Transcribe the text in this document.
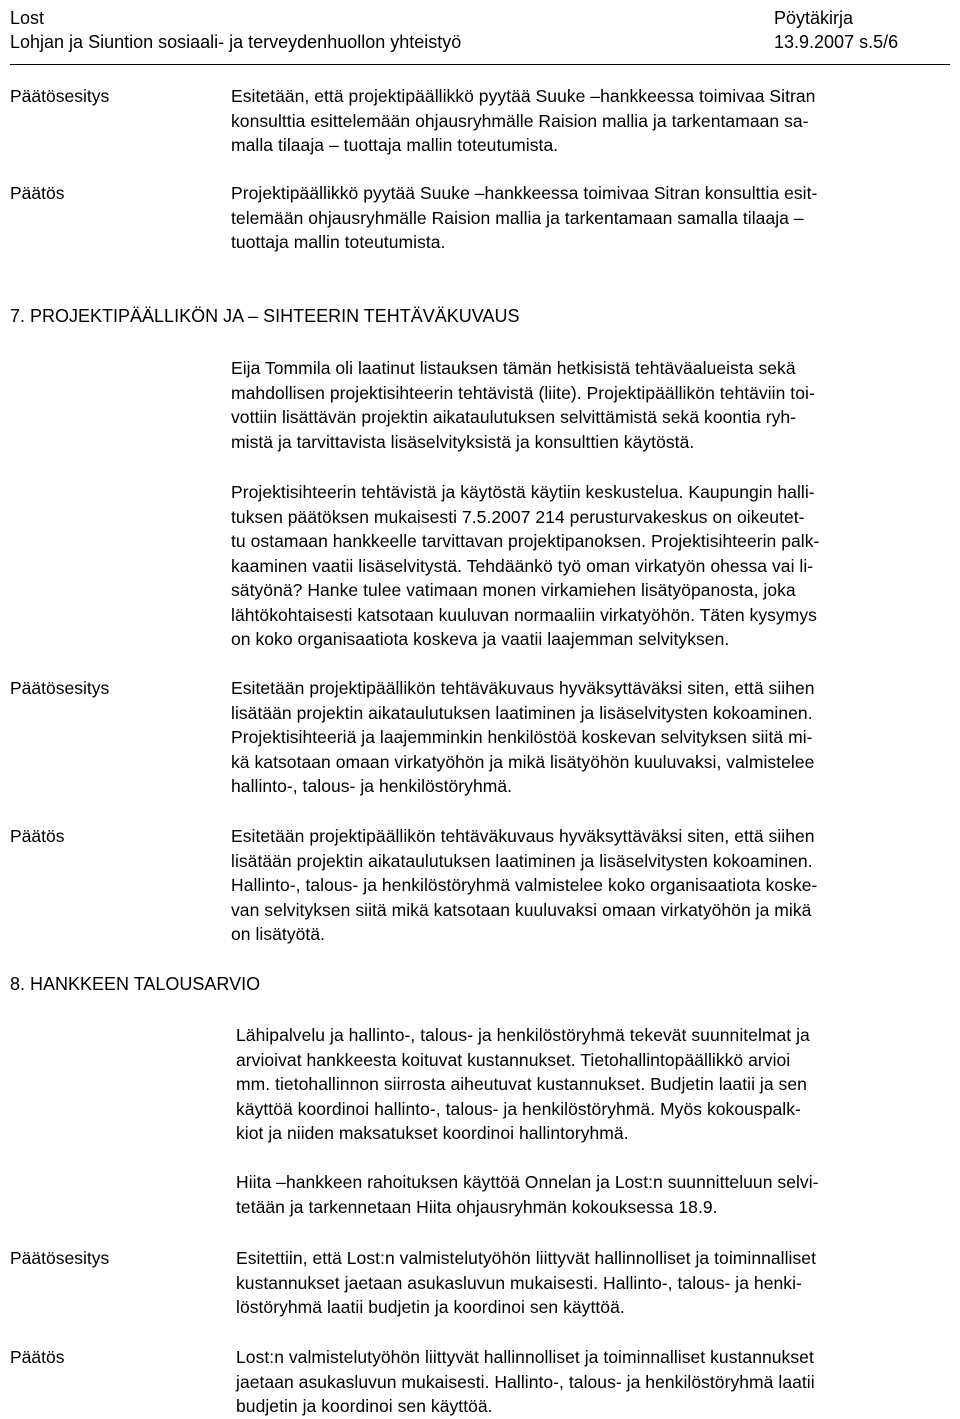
Lost
Lohjan ja Siuntion sosiaali- ja terveydenhuollon yhteistyö
Pöytäkirja
13.9.2007 s.5/6
Päätösesitys	Esitetään, että projektipäällikkö pyytää Suuke –hankkeessa toimivaa Sitran
konsulttia esittelemään ohjausryhmälle Raision mallia ja tarkentamaan sa-
malla tilaaja – tuottaja mallin toteutumista.
Päätös	Projektipäällikkö pyytää Suuke –hankkeessa toimivaa Sitran konsulttia esit-
telemään ohjausryhmälle Raision mallia ja tarkentamaan samalla tilaaja –
tuottaja mallin toteutumista.
7. PROJEKTIPÄÄLLIKÖN JA – SIHTEERIN TEHTÄVÄKUVAUS
Eija Tommila oli laatinut listauksen tämän hetkisistä tehtäväalueista sekä
mahdollisen projektisihteerin tehtävistä (liite). Projektipäällikön tehtäviin toi-
vottiin lisättävän projektin aikataulutuksen selvittämistä sekä koontia ryh-
mistä ja tarvittavista lisäselvityksistä ja konsulttien käytöstä.
Projektisihteerin tehtävistä ja käytöstä käytiin keskustelua. Kaupungin halli-
tuksen päätöksen mukaisesti 7.5.2007 214 perusturvakeskus on oikeutet-
tu ostamaan hankkeelle tarvittavan projektipanoksen. Projektisihteerin palk-
kaaminen vaatii lisäselvitystä. Tehdäänkö työ oman virkatyön ohessa vai li-
sätyönä? Hanke tulee vatimaan monen virkamiehen lisätyöpanosta, joka
lähtökohtaisesti katsotaan kuuluvan normaaliin virkatyöhön. Täten kysymys
on koko organisaatiota koskeva ja vaatii laajemman selvityksen.
Päätösesitys	Esitetään projektipäällikön tehtäväkuvaus hyväksyttäväksi siten, että siihen
lisätään projektin aikataulutuksen laatiminen ja lisäselvitysten kokoaminen.
Projektisihteeriä ja laajemminkin henkilöstöä koskevan selvityksen siitä mi-
kä katsotaan omaan virkatyöhön ja mikä lisätyöhön kuuluvaksi, valmistelee
hallinto-, talous- ja henkilöstöryhmä.
Päätös	Esitetään projektipäällikön tehtäväkuvaus hyväksyttäväksi siten, että siihen
lisätään projektin aikataulutuksen laatiminen ja lisäselvitysten kokoaminen.
Hallinto-, talous- ja henkilöstöryhmä valmistelee koko organisaatiota koske-
van selvityksen siitä mikä katsotaan kuuluvaksi omaan virkatyöhön ja mikä
on lisätyötä.
8. HANKKEEN TALOUSARVIO
Lähipalvelu ja hallinto-, talous- ja henkilöstöryhmä tekevät suunnitelmat ja
arvioivat hankkeesta koituvat kustannukset. Tietohallintopäällikkö arvioi
mm. tietohallinnon siirrosta aiheutuvat kustannukset. Budjetin laatii ja sen
käyttöä koordinoi hallinto-, talous- ja henkilöstöryhmä. Myös kokouspalk-
kiot ja niiden maksatukset koordinoi hallintoryhmä.
Hiita –hankkeen rahoituksen käyttöä Onnelan ja Lost:n suunnitteluun selvi-
tetään ja tarkennetaan Hiita ohjausryhmän kokouksessa 18.9.
Päätösesitys	Esitettiin, että Lost:n valmistelutyöhön liittyvät hallinnolliset ja toiminnalliset
kustannukset jaetaan asukasluvun mukaisesti. Hallinto-, talous- ja henki-
löstöryhmä laatii budjetin ja koordinoi sen käyttöä.
Päätös	Lost:n valmistelutyöhön liittyvät hallinnolliset ja toiminnalliset kustannukset
jaetaan asukasluvun mukaisesti. Hallinto-, talous- ja henkilöstöryhmä laatii
budjetin ja koordinoi sen käyttöä.
